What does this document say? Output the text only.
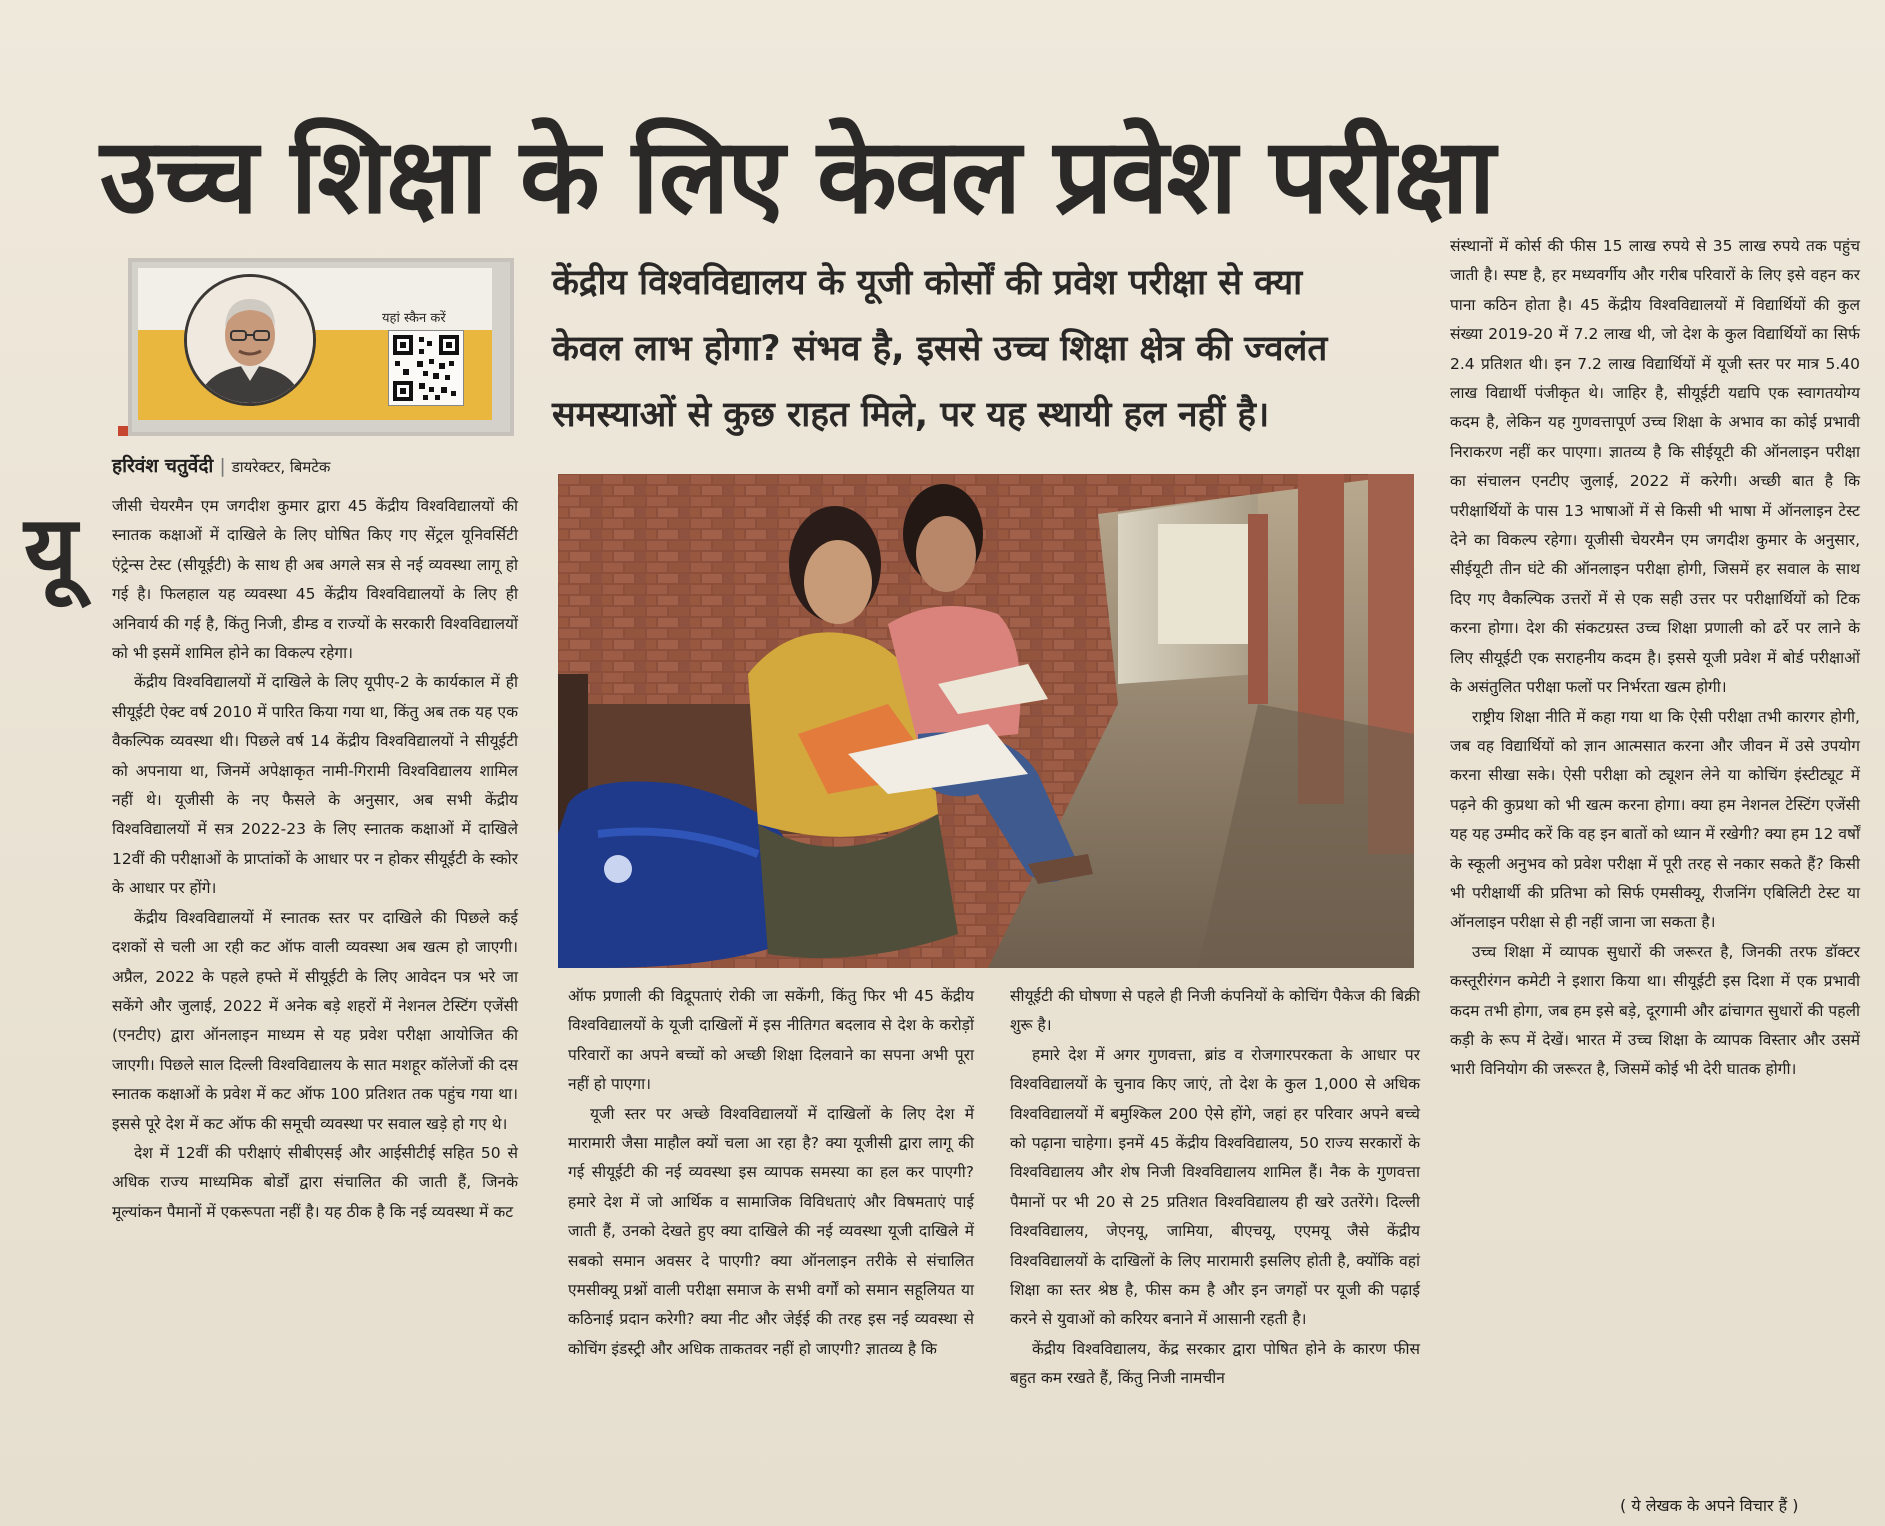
उच्च शिक्षा के लिए केवल प्रवेश परीक्षा
यहां स्कैन करें
हरिवंश चतुर्वेदी | डायरेक्टर, बिमटेक
केंद्रीय विश्वविद्यालय के यूजी कोर्सों की प्रवेश परीक्षा से क्या
केवल लाभ होगा? संभव है, इससे उच्च शिक्षा क्षेत्र की ज्वलंत
समस्याओं से कुछ राहत मिले, पर यह स्थायी हल नहीं है।
यू जीसी चेयरमैन एम जगदीश कुमार द्वारा 45 केंद्रीय विश्वविद्यालयों की स्नातक कक्षाओं में दाखिले के लिए घोषित किए गए सेंट्रल यूनिवर्सिटी एंट्रेन्स टेस्ट (सीयूईटी) के साथ ही अब अगले सत्र से नई व्यवस्था लागू हो गई है। फिलहाल यह व्यवस्था 45 केंद्रीय विश्वविद्यालयों के लिए ही अनिवार्य की गई है, किंतु निजी, डीम्ड व राज्यों के सरकारी विश्वविद्यालयों को भी इसमें शामिल होने का विकल्प रहेगा।

केंद्रीय विश्वविद्यालयों में दाखिले के लिए यूपीए-2 के कार्यकाल में ही सीयूईटी ऐक्ट वर्ष 2010 में पारित किया गया था, किंतु अब तक यह एक वैकल्पिक व्यवस्था थी। पिछले वर्ष 14 केंद्रीय विश्वविद्यालयों ने सीयूईटी को अपनाया था, जिनमें अपेक्षाकृत नामी-गिरामी विश्वविद्यालय शामिल नहीं थे। यूजीसी के नए फैसले के अनुसार, अब सभी केंद्रीय विश्वविद्यालयों में सत्र 2022-23 के लिए स्नातक कक्षाओं में दाखिले 12वीं की परीक्षाओं के प्राप्तांकों के आधार पर न होकर सीयूईटी के स्कोर के आधार पर होंगे।

केंद्रीय विश्वविद्यालयों में स्नातक स्तर पर दाखिले की पिछले कई दशकों से चली आ रही कट ऑफ वाली व्यवस्था अब खत्म हो जाएगी। अप्रैल, 2022 के पहले हफ्ते में सीयूईटी के लिए आवेदन पत्र भरे जा सकेंगे और जुलाई, 2022 में अनेक बड़े शहरों में नेशनल टेस्टिंग एजेंसी (एनटीए) द्वारा ऑनलाइन माध्यम से यह प्रवेश परीक्षा आयोजित की जाएगी। पिछले साल दिल्ली विश्वविद्यालय के सात मशहूर कॉलेजों की दस स्नातक कक्षाओं के प्रवेश में कट ऑफ 100 प्रतिशत तक पहुंच गया था। इससे पूरे देश में कट ऑफ की समूची व्यवस्था पर सवाल खड़े हो गए थे।

देश में 12वीं की परीक्षाएं सीबीएसई और आईसीटीई सहित 50 से अधिक राज्य माध्यमिक बोर्डों द्वारा संचालित की जाती हैं, जिनके मूल्यांकन पैमानों में एकरूपता नहीं है। यह ठीक है कि नई व्यवस्था में कट

ऑफ प्रणाली की विद्रूपताएं रोकी जा सकेंगी, किंतु फिर भी 45 केंद्रीय विश्वविद्यालयों के यूजी दाखिलों में इस नीतिगत बदलाव से देश के करोड़ों परिवारों का अपने बच्चों को अच्छी शिक्षा दिलवाने का सपना अभी पूरा नहीं हो पाएगा।

यूजी स्तर पर अच्छे विश्वविद्यालयों में दाखिलों के लिए देश में मारामारी जैसा माहौल क्यों चला आ रहा है? क्या यूजीसी द्वारा लागू की गई सीयूईटी की नई व्यवस्था इस व्यापक समस्या का हल कर पाएगी? हमारे देश में जो आर्थिक व सामाजिक विविधताएं और विषमताएं पाई जाती हैं, उनको देखते हुए क्या दाखिले की नई व्यवस्था यूजी दाखिले में सबको समान अवसर दे पाएगी? क्या ऑनलाइन तरीके से संचालित एमसीक्यू प्रश्नों वाली परीक्षा समाज के सभी वर्गों को समान सहूलियत या कठिनाई प्रदान करेगी? क्या नीट और जेईई की तरह इस नई व्यवस्था से कोचिंग इंडस्ट्री और अधिक ताकतवर नहीं हो जाएगी? ज्ञातव्य है कि

सीयूईटी की घोषणा से पहले ही निजी कंपनियों के कोचिंग पैकेज की बिक्री शुरू है।

हमारे देश में अगर गुणवत्ता, ब्रांड व रोजगारपरकता के आधार पर विश्वविद्यालयों के चुनाव किए जाएं, तो देश के कुल 1,000 से अधिक विश्वविद्यालयों में बमुश्किल 200 ऐसे होंगे, जहां हर परिवार अपने बच्चे को पढ़ाना चाहेगा। इनमें 45 केंद्रीय विश्वविद्यालय, 50 राज्य सरकारों के विश्वविद्यालय और शेष निजी विश्वविद्यालय शामिल हैं। नैक के गुणवत्ता पैमानों पर भी 20 से 25 प्रतिशत विश्वविद्यालय ही खरे उतरेंगे। दिल्ली विश्वविद्यालय, जेएनयू, जामिया, बीएचयू, एएमयू जैसे केंद्रीय विश्वविद्यालयों के दाखिलों के लिए मारामारी इसलिए होती है, क्योंकि वहां शिक्षा का स्तर श्रेष्ठ है, फीस कम है और इन जगहों पर यूजी की पढ़ाई करने से युवाओं को करियर बनाने में आसानी रहती है।

केंद्रीय विश्वविद्यालय, केंद्र सरकार द्वारा पोषित होने के कारण फीस बहुत कम रखते हैं, किंतु निजी नामचीन

संस्थानों में कोर्स की फीस 15 लाख रुपये से 35 लाख रुपये तक पहुंच जाती है। स्पष्ट है, हर मध्यवर्गीय और गरीब परिवारों के लिए इसे वहन कर पाना कठिन होता है। 45 केंद्रीय विश्वविद्यालयों में विद्यार्थियों की कुल संख्या 2019-20 में 7.2 लाख थी, जो देश के कुल विद्यार्थियों का सिर्फ 2.4 प्रतिशत थी। इन 7.2 लाख विद्यार्थियों में यूजी स्तर पर मात्र 5.40 लाख विद्यार्थी पंजीकृत थे। जाहिर है, सीयूईटी यद्यपि एक स्वागतयोग्य कदम है, लेकिन यह गुणवत्तापूर्ण उच्च शिक्षा के अभाव का कोई प्रभावी निराकरण नहीं कर पाएगा। ज्ञातव्य है कि सीईयूटी की ऑनलाइन परीक्षा का संचालन एनटीए जुलाई, 2022 में करेगी। अच्छी बात है कि परीक्षार्थियों के पास 13 भाषाओं में से किसी भी भाषा में ऑनलाइन टेस्ट देने का विकल्प रहेगा। यूजीसी चेयरमैन एम जगदीश कुमार के अनुसार, सीईयूटी तीन घंटे की ऑनलाइन परीक्षा होगी, जिसमें हर सवाल के साथ दिए गए वैकल्पिक उत्तरों में से एक सही उत्तर पर परीक्षार्थियों को टिक करना होगा। देश की संकटग्रस्त उच्च शिक्षा प्रणाली को ढर्रे पर लाने के लिए सीयूईटी एक सराहनीय कदम है। इससे यूजी प्रवेश में बोर्ड परीक्षाओं के असंतुलित परीक्षा फलों पर निर्भरता खत्म होगी।

राष्ट्रीय शिक्षा नीति में कहा गया था कि ऐसी परीक्षा तभी कारगर होगी, जब वह विद्यार्थियों को ज्ञान आत्मसात करना और जीवन में उसे उपयोग करना सीखा सके। ऐसी परीक्षा को ट्यूशन लेने या कोचिंग इंस्टीट्यूट में पढ़ने की कुप्रथा को भी खत्म करना होगा। क्या हम नेशनल टेस्टिंग एजेंसी यह यह उम्मीद करें कि वह इन बातों को ध्यान में रखेगी? क्या हम 12 वर्षों के स्कूली अनुभव को प्रवेश परीक्षा में पूरी तरह से नकार सकते हैं? किसी भी परीक्षार्थी की प्रतिभा को सिर्फ एमसीक्यू, रीजनिंग एबिलिटी टेस्ट या ऑनलाइन परीक्षा से ही नहीं जाना जा सकता है।

उच्च शिक्षा में व्यापक सुधारों की जरूरत है, जिनकी तरफ डॉक्टर कस्तूरीरंगन कमेटी ने इशारा किया था। सीयूईटी इस दिशा में एक प्रभावी कदम तभी होगा, जब हम इसे बड़े, दूरगामी और ढांचागत सुधारों की पहली कड़ी के रूप में देखें। भारत में उच्च शिक्षा के व्यापक विस्तार और उसमें भारी विनियोग की जरूरत है, जिसमें कोई भी देरी घातक होगी।

( ये लेखक के अपने विचार हैं )
